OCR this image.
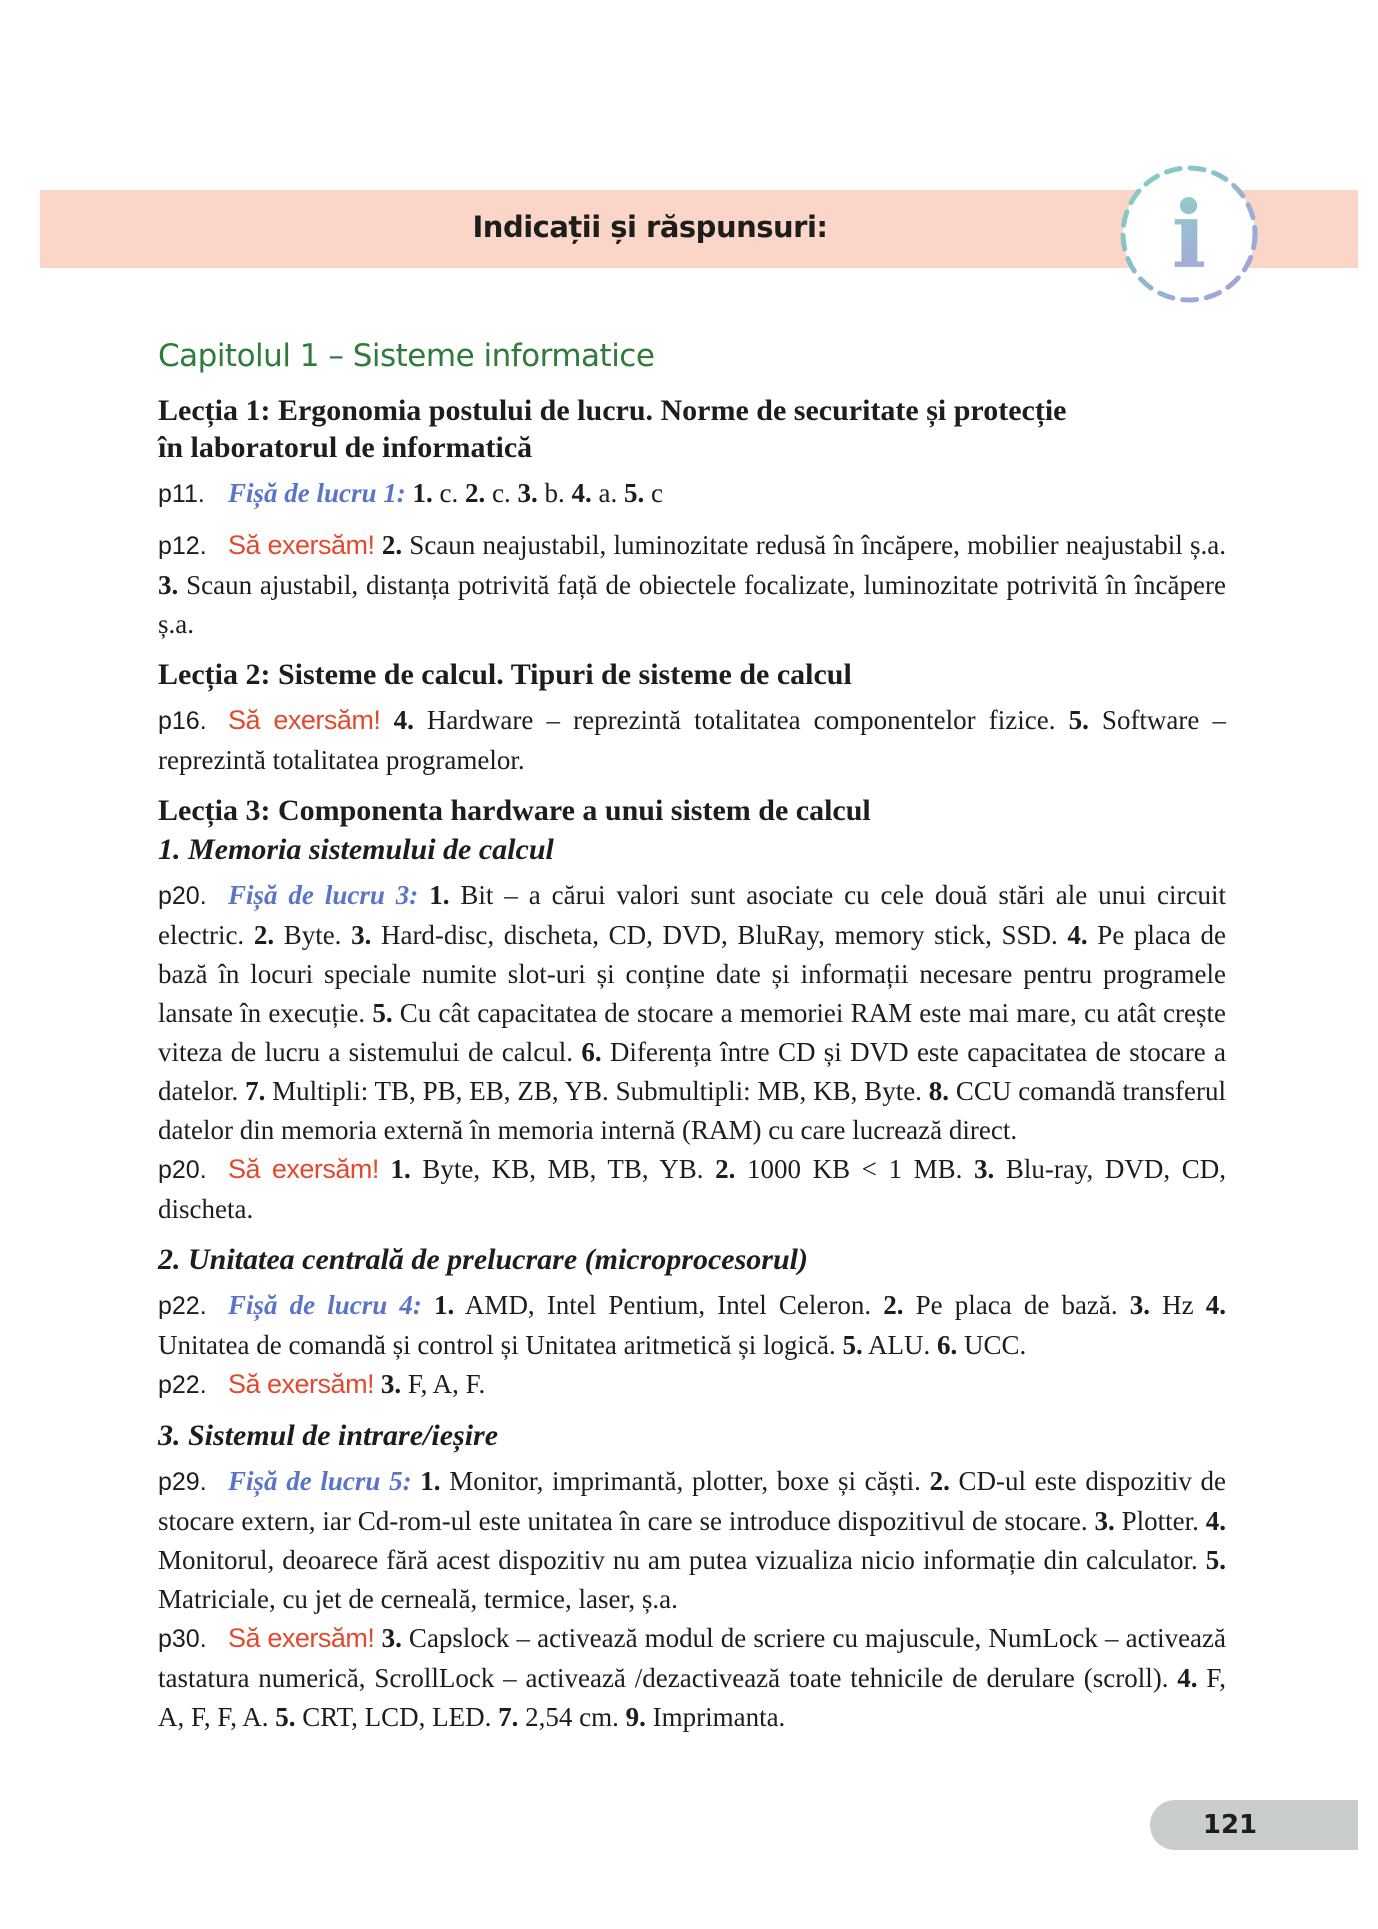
Indicații și răspunsuri:	i
Capitolul 1 – Sisteme informatice
Lecția 1: Ergonomia postului de lucru. Norme de securitate și protecție
în laboratorul de informatică
p11. Fișă de lucru 1: 1. c. 2. c. 3. b. 4. a. 5. c
p12. Să exersăm! 2. Scaun neajustabil, luminozitate redusă în încăpere, mobilier neajustabil ș.a. 3. Scaun ajustabil, distanța potrivită față de obiectele focalizate, luminozitate potrivită în încăpere ș.a.
Lecția 2: Sisteme de calcul. Tipuri de sisteme de calcul
p16. Să exersăm! 4. Hardware – reprezintă totalitatea componentelor fizice. 5. Software – reprezintă totalitatea programelor.
Lecția 3: Componenta hardware a unui sistem de calcul
1. Memoria sistemului de calcul
p20. Fișă de lucru 3: 1. Bit – a cărui valori sunt asociate cu cele două stări ale unui circuit electric. 2. Byte. 3. Hard-disc, discheta, CD, DVD, BluRay, memory stick, SSD. 4. Pe placa de bază în locuri speciale numite slot-uri și conține date și informații necesare pentru programele lansate în execuție. 5. Cu cât capacitatea de stocare a memoriei RAM este mai mare, cu atât crește viteza de lucru a sistemului de calcul. 6. Diferența între CD și DVD este capacitatea de stocare a datelor. 7. Multipli: TB, PB, EB, ZB, YB. Submultipli: MB, KB, Byte. 8. CCU comandă transferul datelor din memoria externă în memoria internă (RAM) cu care lucrează direct.
p20. Să exersăm! 1. Byte, KB, MB, TB, YB. 2. 1000 KB < 1 MB. 3. Blu-ray, DVD, CD, discheta.
2. Unitatea centrală de prelucrare (microprocesorul)
p22. Fișă de lucru 4: 1. AMD, Intel Pentium, Intel Celeron. 2. Pe placa de bază. 3. Hz 4. Unitatea de comandă și control și Unitatea aritmetică și logică. 5. ALU. 6. UCC.
p22. Să exersăm! 3. F, A, F.
3. Sistemul de intrare/ieșire
p29. Fișă de lucru 5: 1. Monitor, imprimantă, plotter, boxe și căști. 2. CD-ul este dispozitiv de stocare extern, iar Cd-rom-ul este unitatea în care se introduce dispozitivul de stocare. 3. Plotter. 4. Monitorul, deoarece fără acest dispozitiv nu am putea vizualiza nicio informație din calculator. 5. Matriciale, cu jet de cerneală, termice, laser, ș.a.
p30. Să exersăm! 3. Capslock – activează modul de scriere cu majuscule, NumLock – activează tastatura numerică, ScrollLock – activează /dezactivează toate tehnicile de derulare (scroll). 4. F, A, F, F, A. 5. CRT, LCD, LED. 7. 2,54 cm. 9. Imprimanta.
121
